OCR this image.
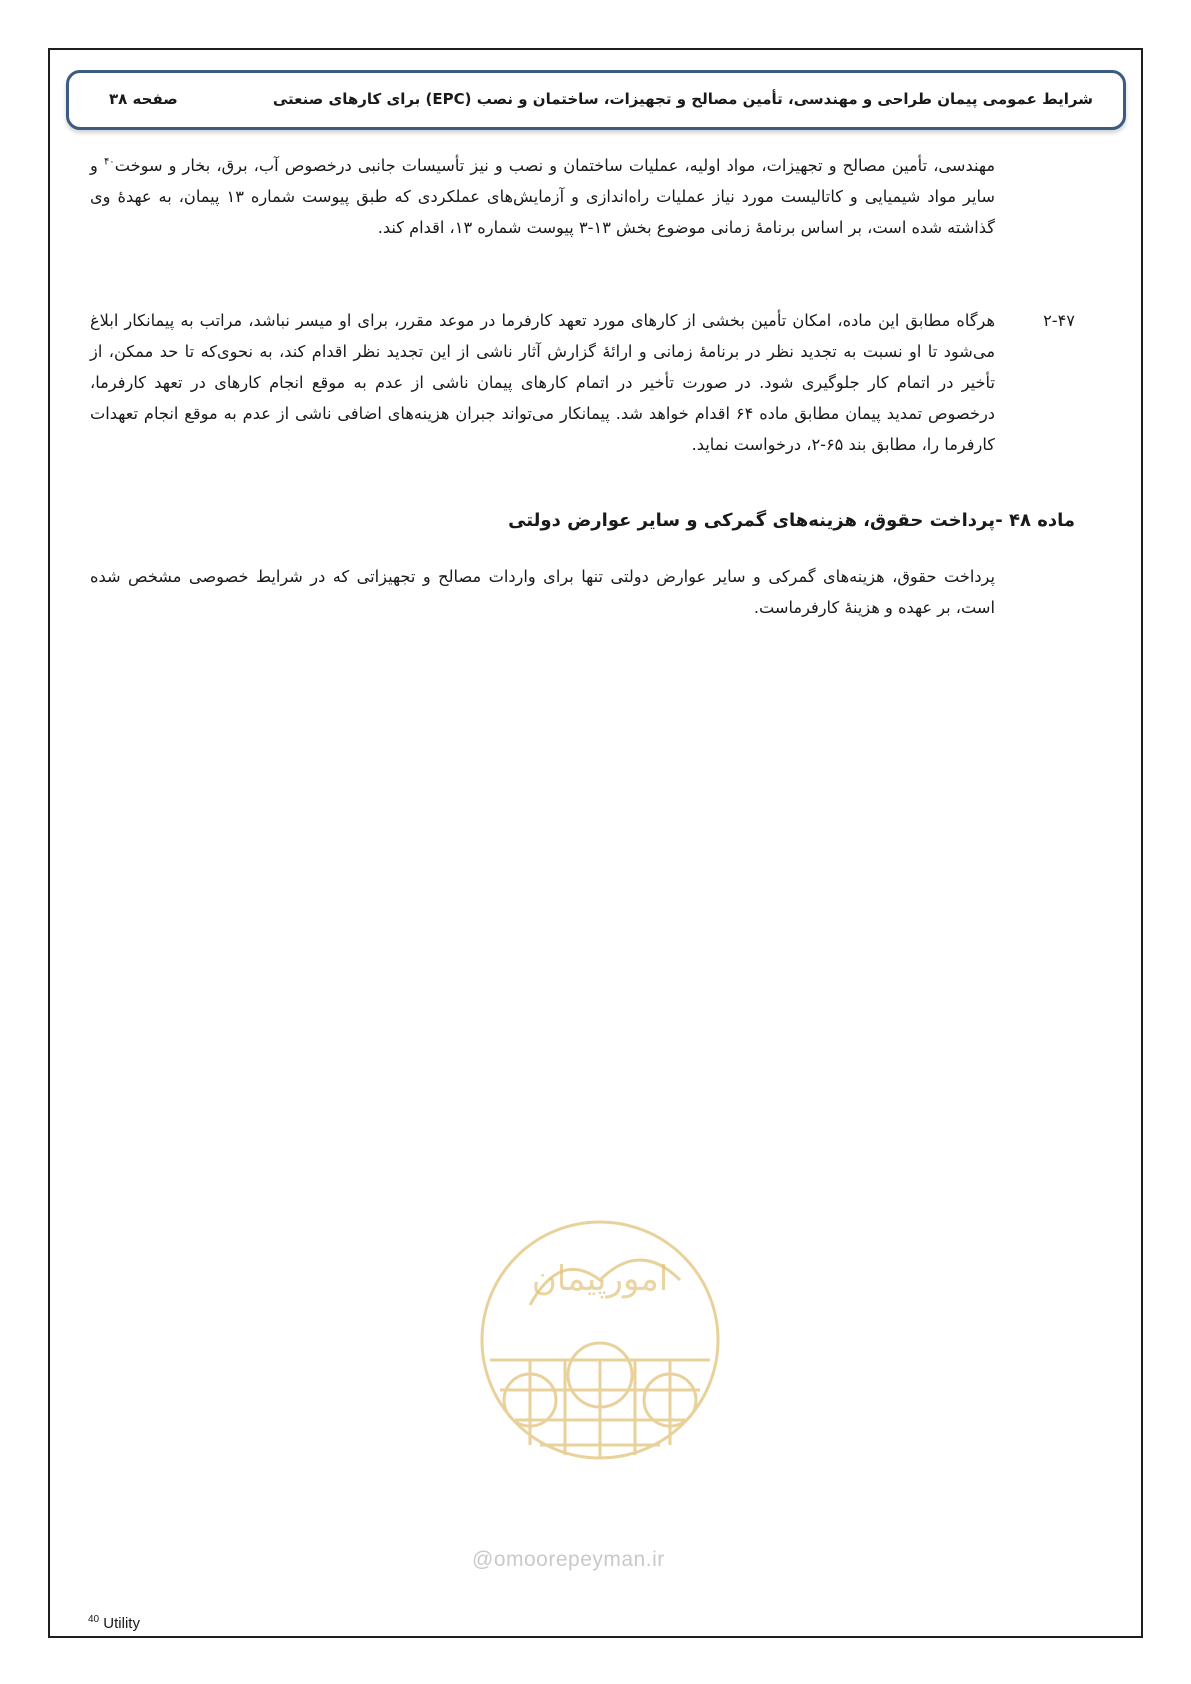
شرایط عمومی پیمان طراحی و مهندسی، تأمین مصالح و تجهیزات، ساختمان و نصب (EPC) برای کارهای صنعتی
صفحه ۳۸
مهندسی، تأمین مصالح و تجهیزات، مواد اولیه، عملیات ساختمان و نصب و نیز تأسیسات جانبی درخصوص آب، برق، بخار و سوخت$^{۴۰}$ و سایر مواد شیمیایی و کاتالیست مورد نیاز عملیات راه‌اندازی و آزمایش‌های عملکردی که طبق پیوست شماره ۱۳ پیمان، به عهدهٔ وی گذاشته شده است، بر اساس برنامهٔ زمانی موضوع بخش ۱۳-۳ پیوست شماره ۱۳، اقدام کند.
۲-۴۷
هرگاه مطابق این ماده، امکان تأمین بخشی از کارهای مورد تعهد کارفرما در موعد مقرر، برای او میسر نباشد، مراتب به پیمانکار ابلاغ می‌شود تا او نسبت به تجدید نظر در برنامهٔ زمانی و ارائهٔ گزارش آثار ناشی از این تجدید نظر اقدام کند، به نحوی‌که تا حد ممکن، از تأخیر در اتمام کار جلوگیری شود. در صورت تأخیر در اتمام کارهای پیمان ناشی از عدم به موقع انجام کارهای در تعهد کارفرما، درخصوص تمدید پیمان مطابق ماده ۶۴ اقدام خواهد شد. پیمانکار می‌تواند جبران هزینه‌های اضافی ناشی از عدم به موقع انجام تعهدات کارفرما را، مطابق بند ۶۵-۲، درخواست نماید.
ماده ۴۸ -پرداخت حقوق، هزینه‌های گمرکی و سایر عوارض دولتی
پرداخت حقوق، هزینه‌های گمرکی و سایر عوارض دولتی تنها برای واردات مصالح و تجهیزاتی که در شرایط خصوصی مشخص شده است، بر عهده و هزینهٔ کارفرماست.
امورپیمان
@omoorepeyman.ir
$^{40}$ Utility
